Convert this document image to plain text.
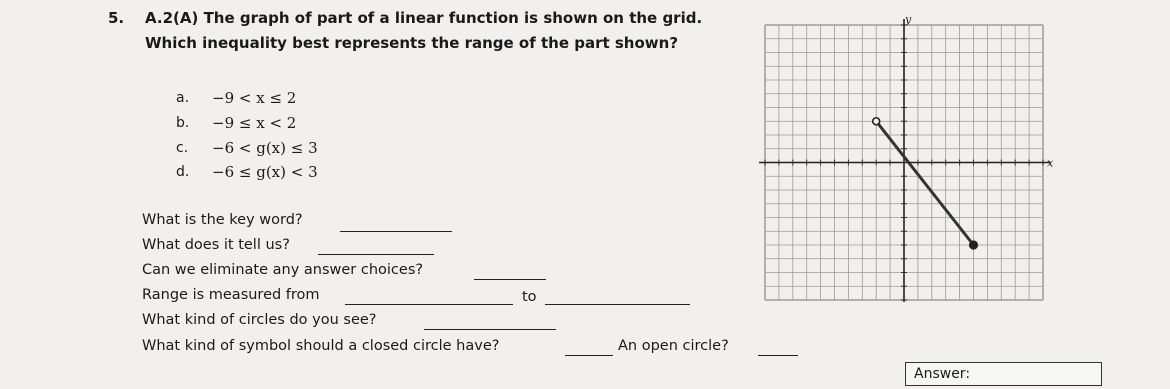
5. A.2(A) The graph of part of a linear function is shown on the grid.
Which inequality best represents the range of the part shown?
a. −9 < x ≤ 2
b. −9 ≤ x < 2
c. −6 < g(x) ≤ 3
d. −6 ≤ g(x) < 3
What is the key word?
What does it tell us?
Can we eliminate any answer choices?
Range is measured from	to
What kind of circles do you see?
What kind of symbol should a closed circle have?	An open circle?
Answer:
x
y
